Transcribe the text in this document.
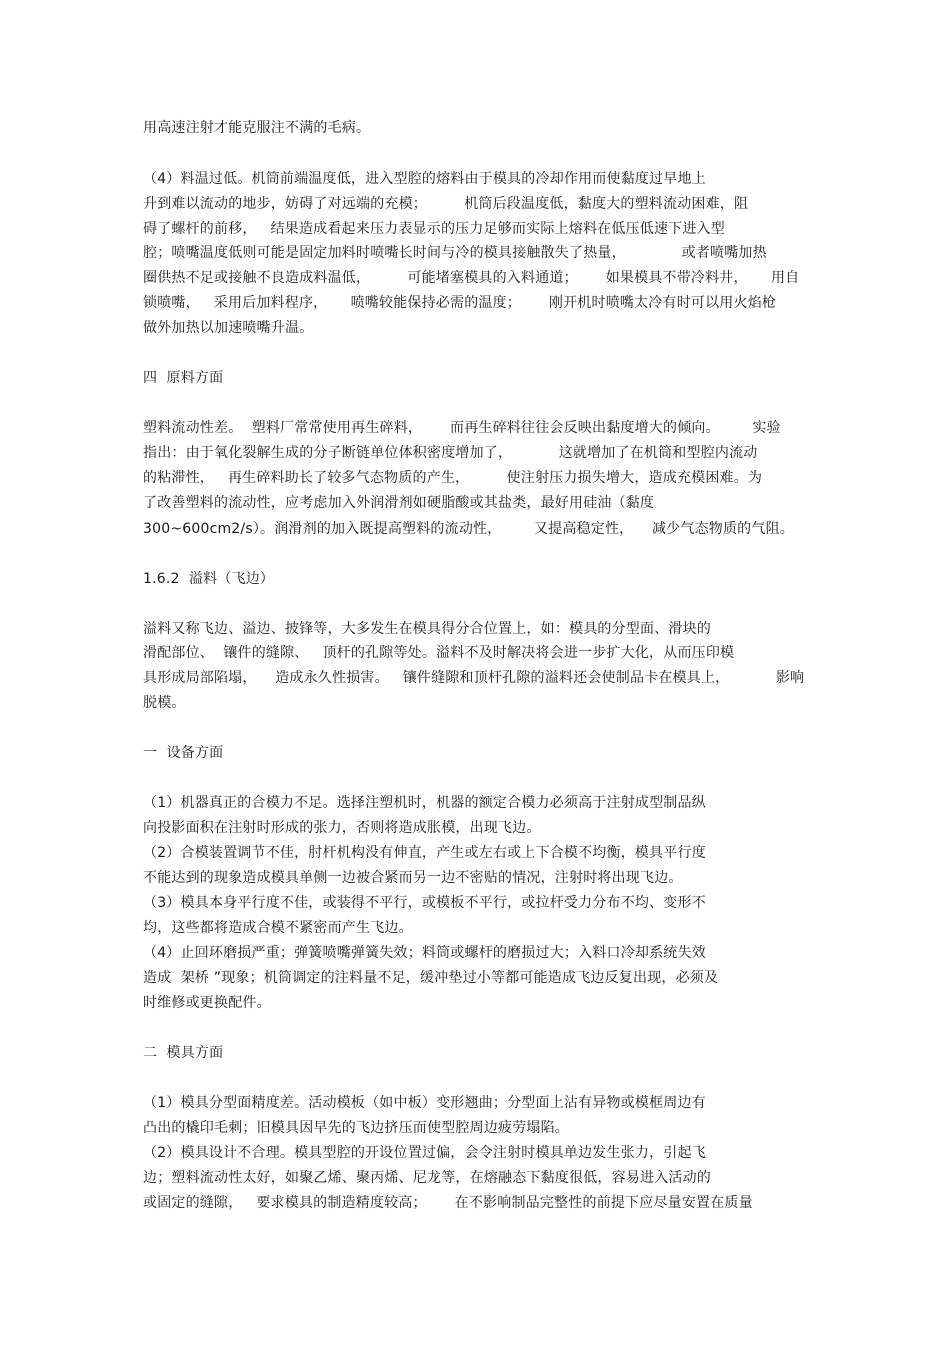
用高速注射才能克服注不满的毛病。
（4）料温过低。机筒前端温度低，进入型腔的熔料由于模具的冷却作用而使黏度过早地上
升到难以流动的地步，妨碍了对远端的充模；        机筒后段温度低，黏度大的塑料流动困难，阻
碍了螺杆的前移，   结果造成看起来压力表显示的压力足够而实际上熔料在低压低速下进入型
腔；喷嘴温度低则可能是固定加料时喷嘴长时间与冷的模具接触散失了热量，            或者喷嘴加热
圈供热不足或接触不良造成料温低，        可能堵塞模具的入料通道；      如果模具不带冷料井，     用自
锁喷嘴，   采用后加料程序，     喷嘴较能保持必需的温度；      刚开机时喷嘴太冷有时可以用火焰枪
做外加热以加速喷嘴升温。
四  原料方面
塑料流动性差。  塑料厂常常使用再生碎料，      而再生碎料往往会反映出黏度增大的倾向。       实验
指出：由于氧化裂解生成的分子断链单位体积密度增加了，          这就增加了在机筒和型腔内流动
的粘滞性，   再生碎料助长了较多气态物质的产生，        使注射压力损失增大，造成充模困难。为
了改善塑料的流动性，应考虑加入外润滑剂如硬脂酸或其盐类，最好用硅油（黏度
300~600cm2/s）。润滑剂的加入既提高塑料的流动性，       又提高稳定性，    减少气态物质的气阻。
1.6.2  溢料（飞边）
溢料又称飞边、溢边、披锋等，大多发生在模具得分合位置上，如：模具的分型面、滑块的
滑配部位、  镶件的缝隙、   顶杆的孔隙等处。溢料不及时解决将会进一步扩大化，从而压印模
具形成局部陷塌，    造成永久性损害。   镶件缝隙和顶杆孔隙的溢料还会使制品卡在模具上，          影响
脱模。
一  设备方面
（1）机器真正的合模力不足。选择注塑机时，机器的额定合模力必须高于注射成型制品纵
向投影面积在注射时形成的张力，否则将造成胀模，出现飞边。
（2）合模装置调节不佳，肘杆机构没有伸直，产生或左右或上下合模不均衡，模具平行度
不能达到的现象造成模具单侧一边被合紧而另一边不密贴的情况，注射时将出现飞边。
（3）模具本身平行度不佳，或装得不平行，或模板不平行，或拉杆受力分布不均、变形不
均，这些都将造成合模不紧密而产生飞边。
（4）止回环磨损严重；弹簧喷嘴弹簧失效；料筒或螺杆的磨损过大；入料口冷却系统失效
造成  架桥 ”现象；机筒调定的注料量不足，缓冲垫过小等都可能造成飞边反复出现，必须及
时维修或更换配件。
二  模具方面
（1）模具分型面精度差。活动模板（如中板）变形翘曲；分型面上沾有异物或模框周边有
凸出的橇印毛刺；旧模具因早先的飞边挤压而使型腔周边疲劳塌陷。
（2）模具设计不合理。模具型腔的开设位置过偏，会令注射时模具单边发生张力，引起飞
边；塑料流动性太好，如聚乙烯、聚丙烯、尼龙等，在熔融态下黏度很低，容易进入活动的
或固定的缝隙，   要求模具的制造精度较高；      在不影响制品完整性的前提下应尽量安置在质量
